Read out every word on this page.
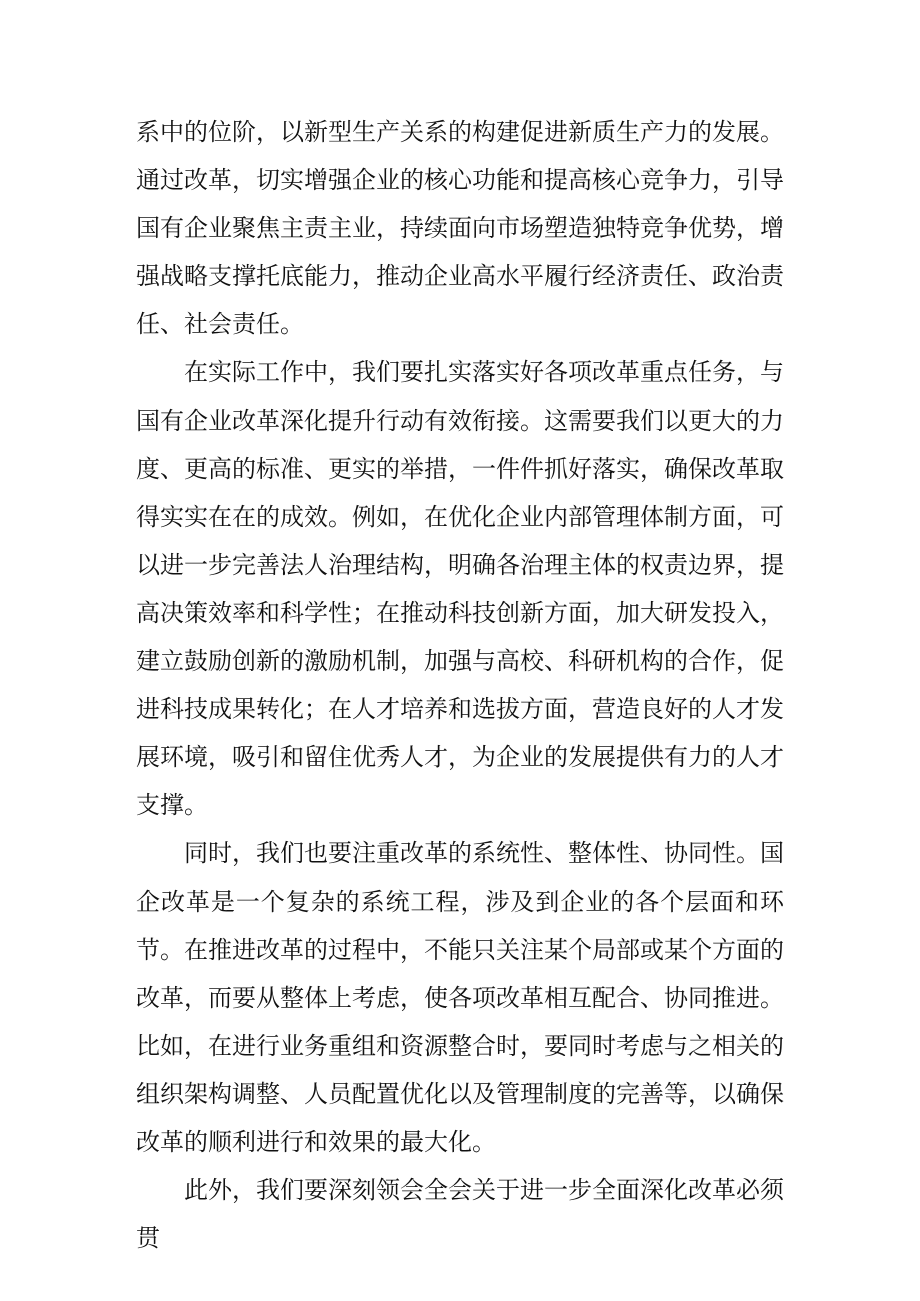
系中的位阶，以新型生产关系的构建促进新质生产力的发展。通过改革，切实增强企业的核心功能和提高核心竞争力，引导国有企业聚焦主责主业，持续面向市场塑造独特竞争优势，增强战略支撑托底能力，推动企业高水平履行经济责任、政治责任、社会责任。

在实际工作中，我们要扎实落实好各项改革重点任务，与国有企业改革深化提升行动有效衔接。这需要我们以更大的力度、更高的标准、更实的举措，一件件抓好落实，确保改革取得实实在在的成效。例如，在优化企业内部管理体制方面，可以进一步完善法人治理结构，明确各治理主体的权责边界，提高决策效率和科学性；在推动科技创新方面，加大研发投入，建立鼓励创新的激励机制，加强与高校、科研机构的合作，促进科技成果转化；在人才培养和选拔方面，营造良好的人才发展环境，吸引和留住优秀人才，为企业的发展提供有力的人才支撑。

同时，我们也要注重改革的系统性、整体性、协同性。国企改革是一个复杂的系统工程，涉及到企业的各个层面和环节。在推进改革的过程中，不能只关注某个局部或某个方面的改革，而要从整体上考虑，使各项改革相互配合、协同推进。比如，在进行业务重组和资源整合时，要同时考虑与之相关的组织架构调整、人员配置优化以及管理制度的完善等，以确保改革的顺利进行和效果的最大化。

此外，我们要深刻领会全会关于进一步全面深化改革必须贯
